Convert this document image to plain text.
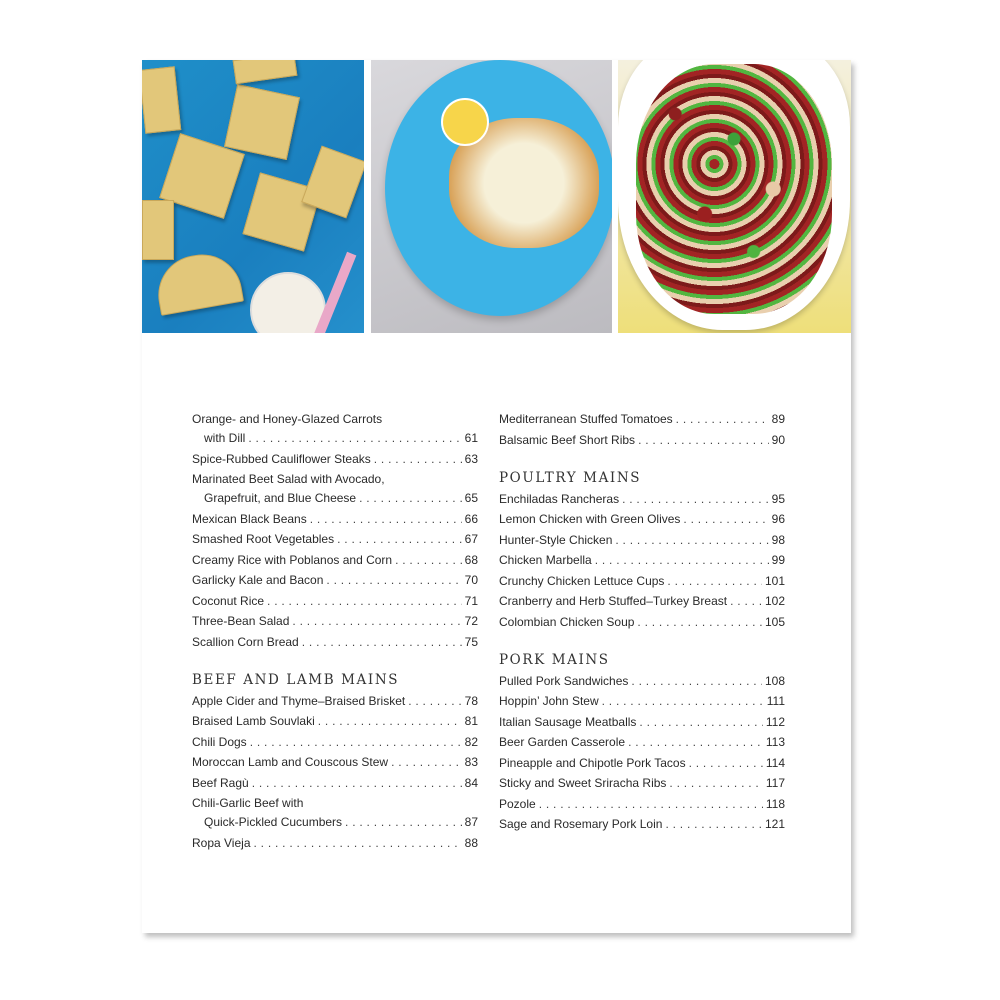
Orange- and Honey-Glazed Carrots
with Dill . . .	61
Spice-Rubbed Cauliflower Steaks . . .	63
Marinated Beet Salad with Avocado,
Grapefruit, and Blue Cheese . . .	65
Mexican Black Beans . . .	66
Smashed Root Vegetables . . .	67
Creamy Rice with Poblanos and Corn . . .	68
Garlicky Kale and Bacon . . .	70
Coconut Rice . . .	71
Three-Bean Salad . . .	72
Scallion Corn Bread . . .	75
BEEF AND LAMB MAINS
Apple Cider and Thyme–Braised Brisket . . .	78
Braised Lamb Souvlaki . . .	81
Chili Dogs . . .	82
Moroccan Lamb and Couscous Stew . . .	83
Beef Ragù . . .	84
Chili-Garlic Beef with
Quick-Pickled Cucumbers . . .	87
Ropa Vieja . . .	88
Mediterranean Stuffed Tomatoes . . .	89
Balsamic Beef Short Ribs . . .	90
POULTRY MAINS
Enchiladas Rancheras . . .	95
Lemon Chicken with Green Olives . . .	96
Hunter-Style Chicken . . .	98
Chicken Marbella . . .	99
Crunchy Chicken Lettuce Cups . . .	101
Cranberry and Herb Stuffed–Turkey Breast . . .	102
Colombian Chicken Soup . . .	105
PORK MAINS
Pulled Pork Sandwiches . . .	108
Hoppin’ John Stew . . .	111
Italian Sausage Meatballs . . .	112
Beer Garden Casserole . . .	113
Pineapple and Chipotle Pork Tacos . . .	114
Sticky and Sweet Sriracha Ribs . . .	117
Pozole . . .	118
Sage and Rosemary Pork Loin . . .	121
